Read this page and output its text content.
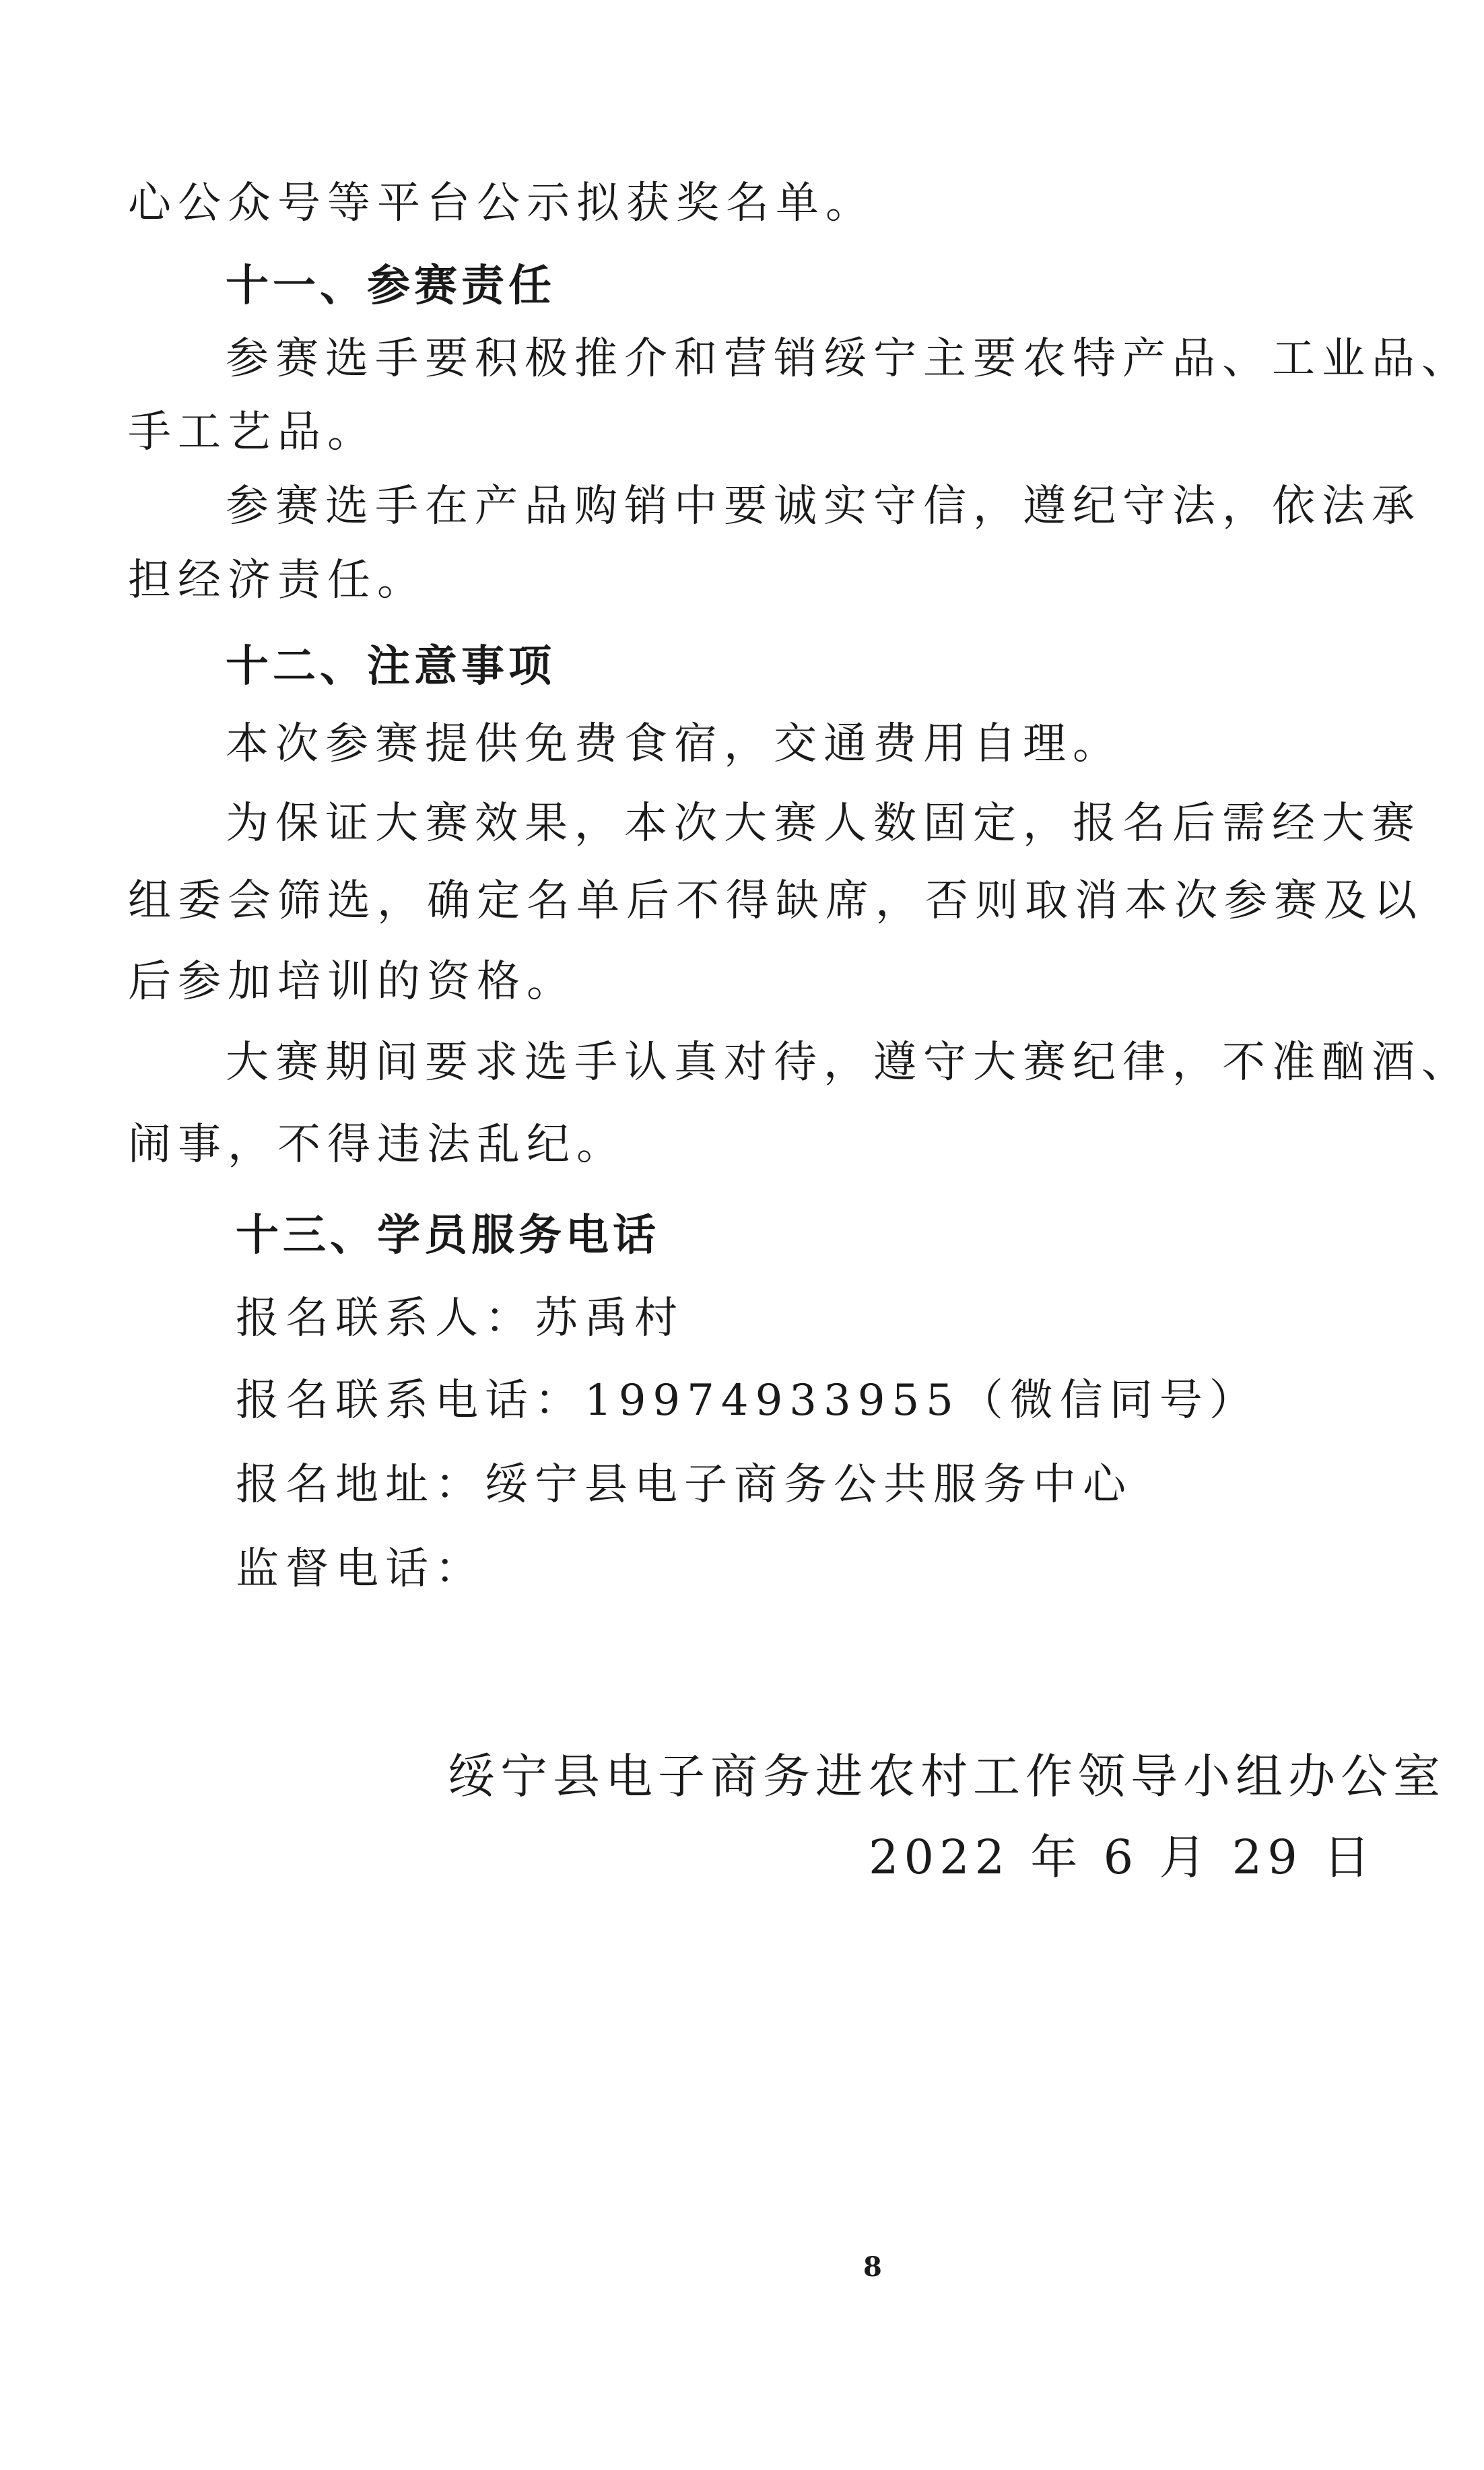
心公众号等平台公示拟获奖名单。
十一、参赛责任
参赛选手要积极推介和营销绥宁主要农特产品、工业品、
手工艺品。
参赛选手在产品购销中要诚实守信，遵纪守法，依法承
担经济责任。
十二、注意事项
本次参赛提供免费食宿，交通费用自理。
为保证大赛效果，本次大赛人数固定，报名后需经大赛
组委会筛选，确定名单后不得缺席，否则取消本次参赛及以
后参加培训的资格。
大赛期间要求选手认真对待，遵守大赛纪律，不准酗酒、
闹事，不得违法乱纪。
十三、学员服务电话
报名联系人：苏禹村
报名联系电话：19974933955（微信同号）
报名地址：绥宁县电子商务公共服务中心
监督电话：
绥宁县电子商务进农村工作领导小组办公室
2022 年 6 月 29 日
8
